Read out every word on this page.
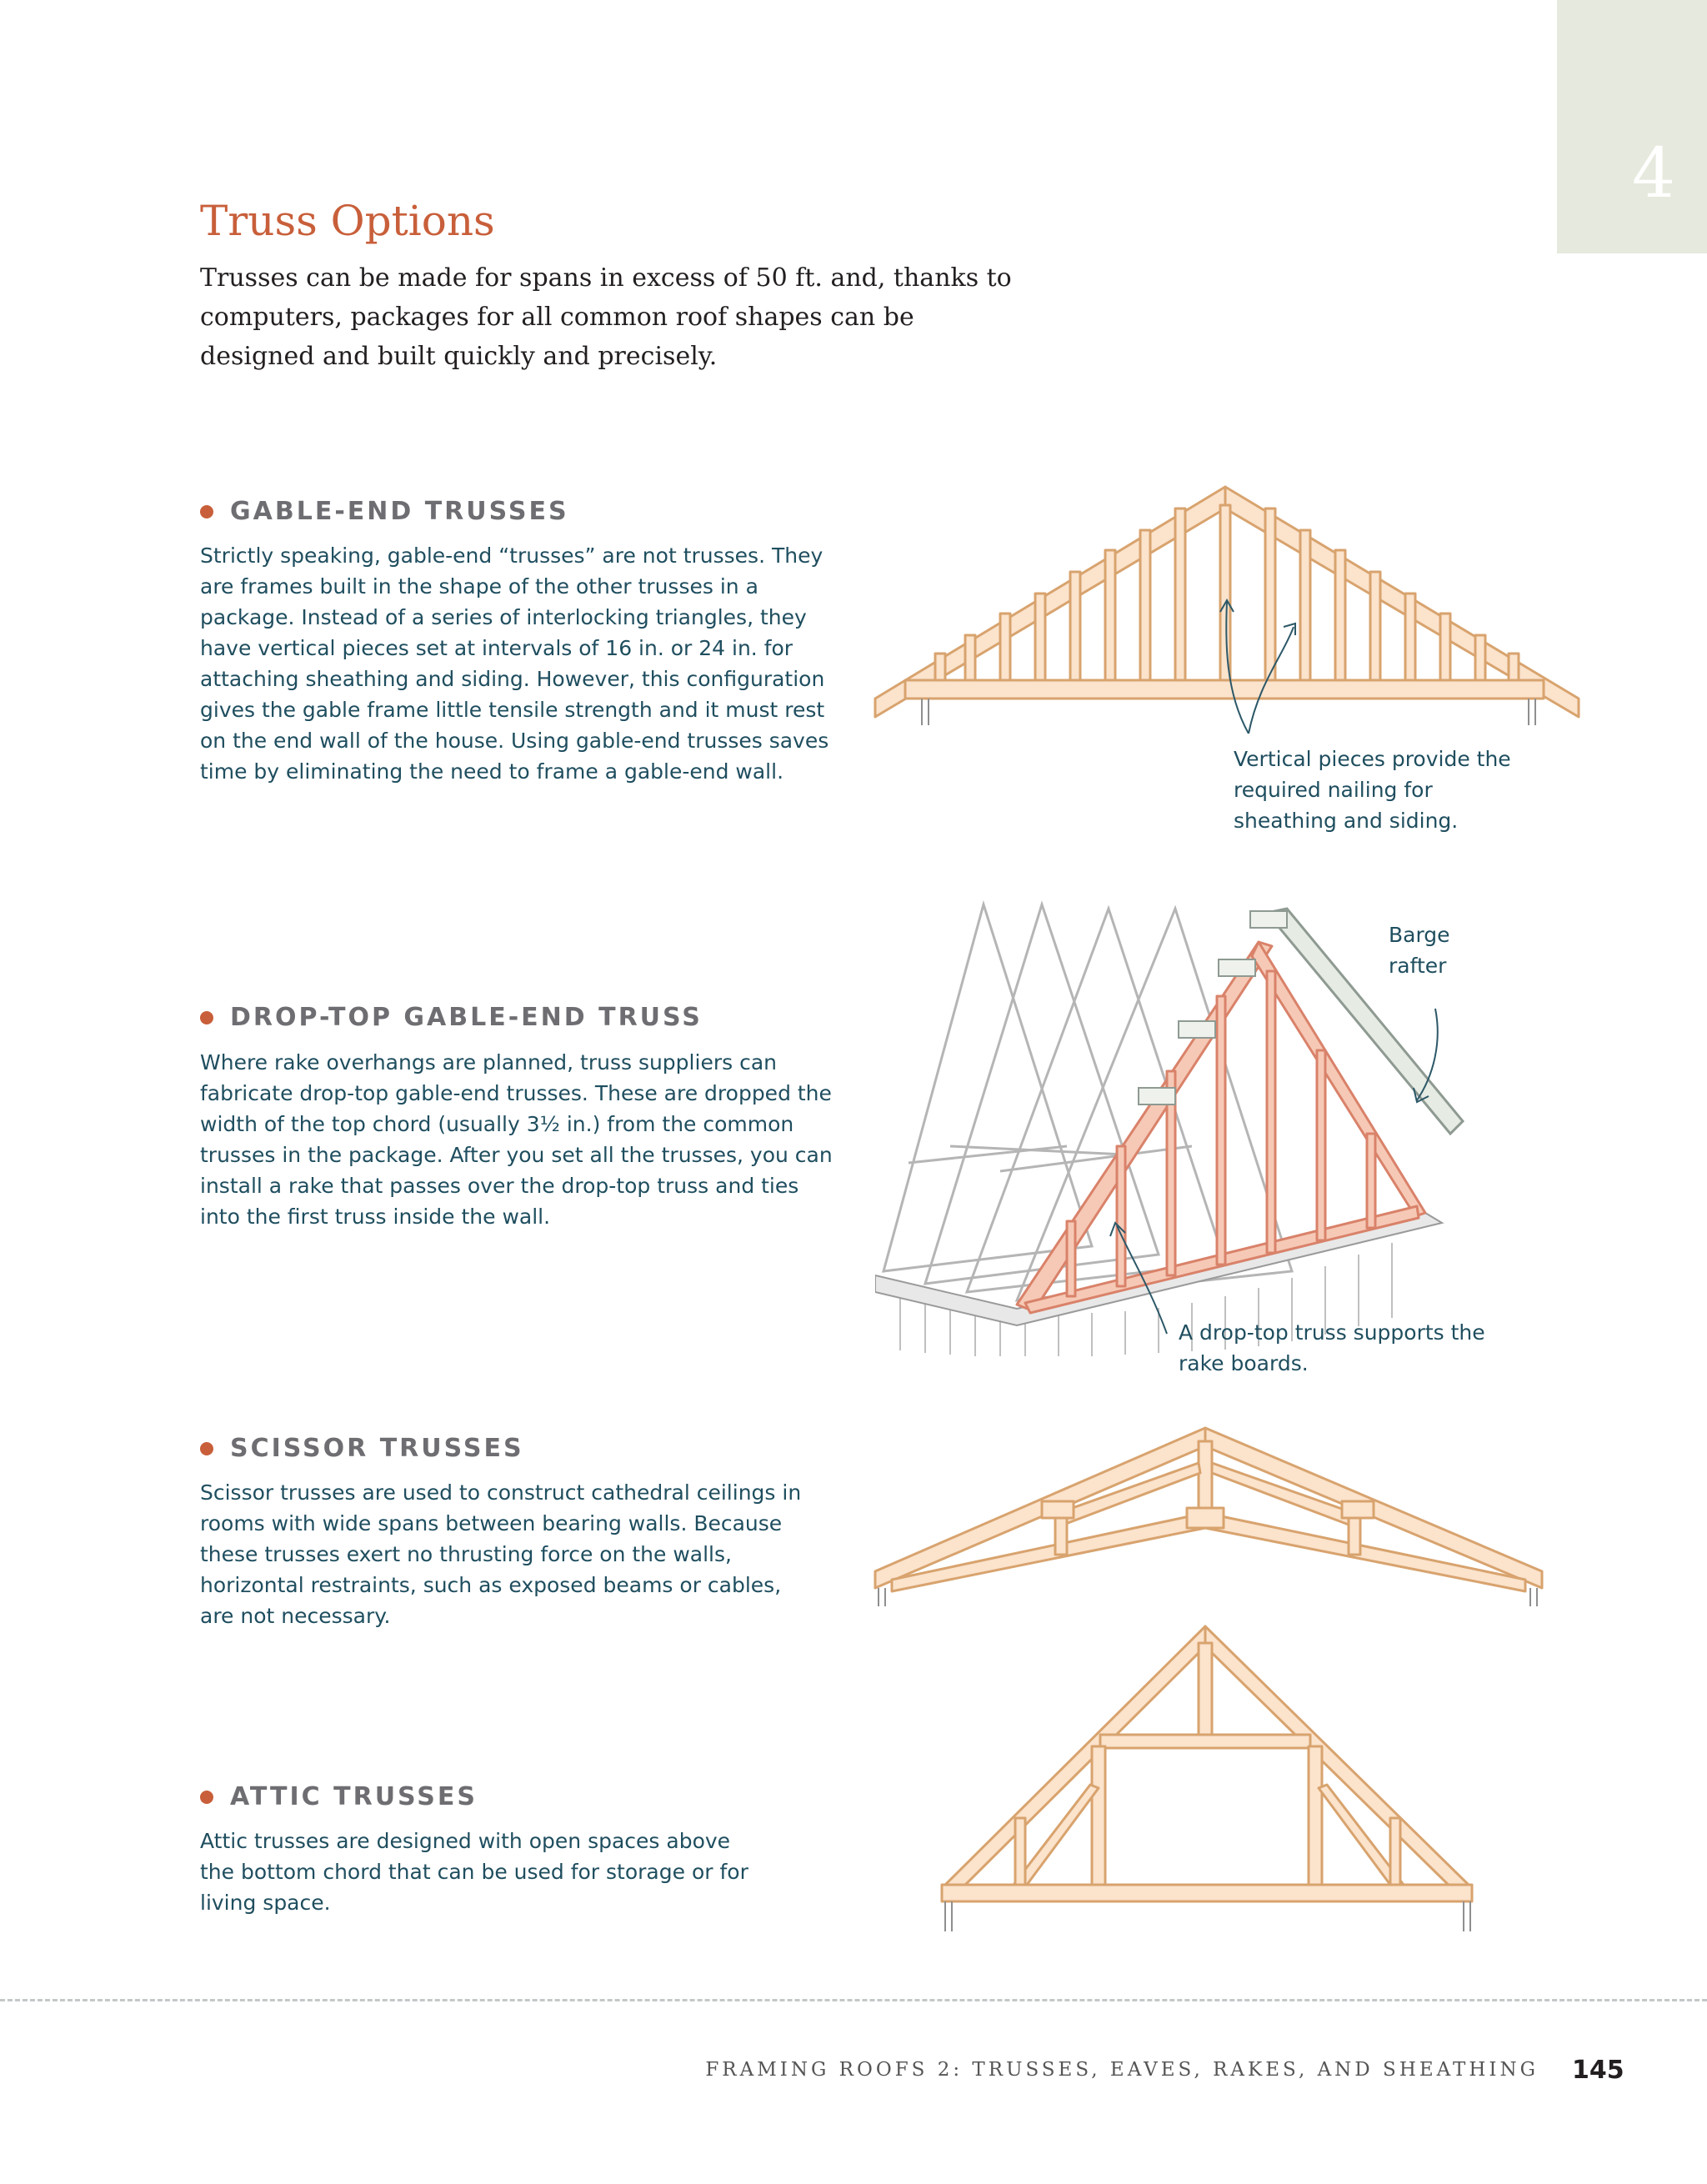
4
Truss Options

Trusses can be made for spans in excess of 50 ft. and, thanks to computers, packages for all common roof shapes can be designed and built quickly and precisely.

GABLE-END TRUSSES

Strictly speaking, gable-end “trusses” are not trusses. They are frames built in the shape of the other trusses in a package. Instead of a series of interlocking triangles, they have vertical pieces set at intervals of 16 in. or 24 in. for attaching sheathing and siding. However, this configuration gives the gable frame little tensile strength and it must rest on the end wall of the house. Using gable-end trusses saves time by eliminating the need to frame a gable-end wall.

Vertical pieces provide the required nailing for sheathing and siding.

DROP-TOP GABLE-END TRUSS

Where rake overhangs are planned, truss suppliers can fabricate drop-top gable-end trusses. These are dropped the width of the top chord (usually 3½ in.) from the common trusses in the package. After you set all the trusses, you can install a rake that passes over the drop-top truss and ties into the first truss inside the wall.

Barge rafter

A drop-top truss supports the rake boards.

SCISSOR TRUSSES

Scissor trusses are used to construct cathedral ceilings in rooms with wide spans between bearing walls. Because these trusses exert no thrusting force on the walls, horizontal restraints, such as exposed beams or cables, are not necessary.

ATTIC TRUSSES

Attic trusses are designed with open spaces above the bottom chord that can be used for storage or for living space.

FRAMING ROOFS 2: TRUSSES, EAVES, RAKES, AND SHEATHING 145
